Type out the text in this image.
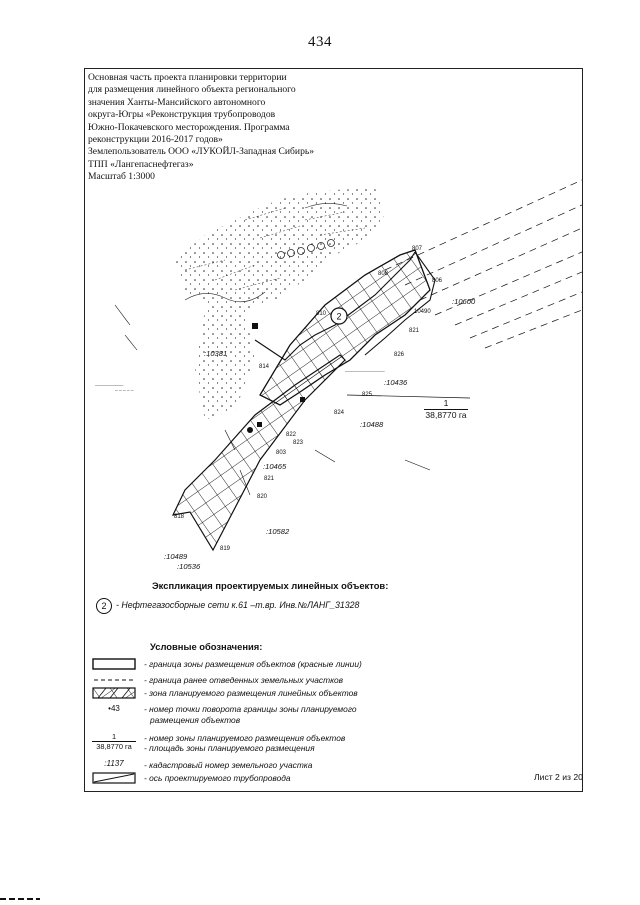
434
Основная часть проекта планировки территории
для размещения линейного объекта регионального
значения Ханты-Мансийского автономного
округа-Югры «Реконструкция трубопроводов
Южно-Покачевского месторождения. Программа
реконструкции 2016-2017 годов»
Землепользователь ООО «ЛУКОЙЛ-Западная Сибирь»
ТПП «Лангепаснефтегаз»
Масштаб 1:3000
2
──────────
─ ─ ─ ─ ─
──────────────
:10600
:10381
:10436
:10488
:10465
:10582
:10489
:10536
807
808
806
810	10490
821
826
814
825
822
823
824
803
821
820
818
819
1
38,8770 га
Экспликация проектируемых линейных объектов:
2	- Нефтегазосборные сети к.61 –т.вр. Инв.№ЛАНГ_31328
Условные обозначения:
- граница зоны размещения объектов (красные линии)
- граница ранее отведенных земельных участков
- зона планируемого размещения линейных объектов
•43	- номер точки поворота границы зоны планируемого
размещения объектов
1
38,8770 га
- номер зоны планируемого размещения объектов
- площадь зоны планируемого размещения
:1137	- кадастровый номер земельного участка
- ось проектируемого трубопровода	Лист 2 из 20
